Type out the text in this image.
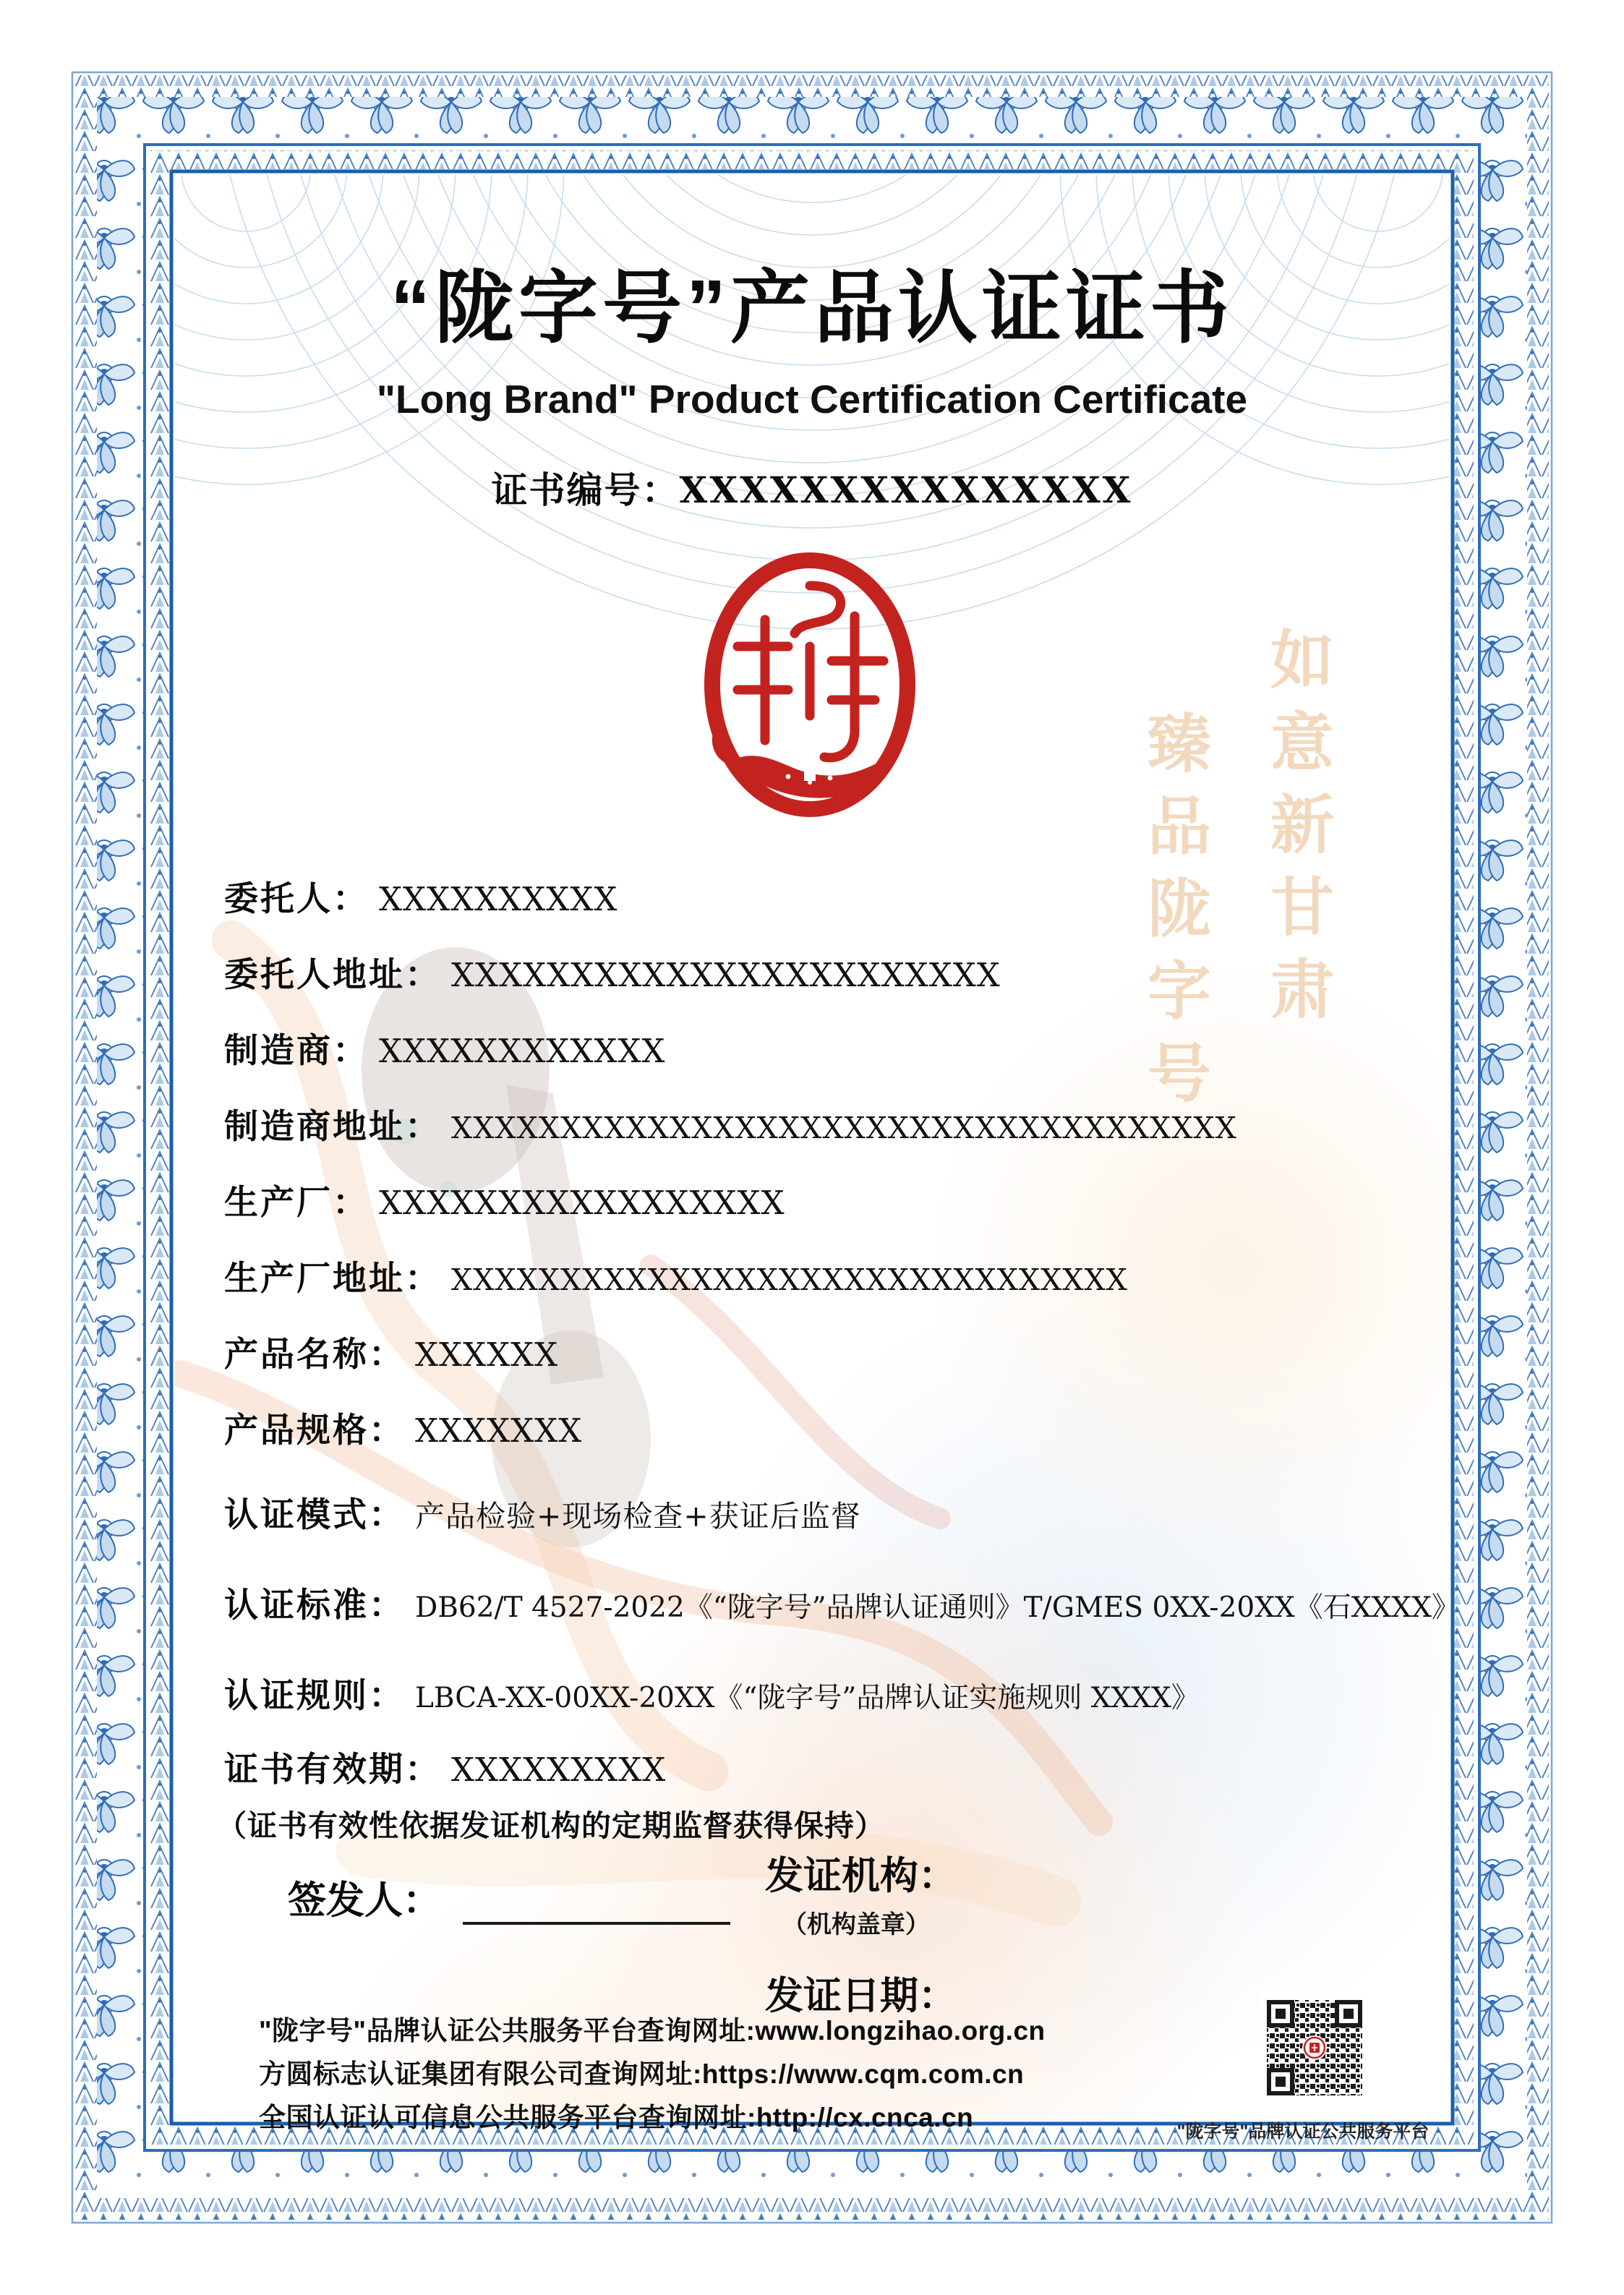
如意新甘肃
臻品陇字号
“陇字号”产品认证证书
"Long Brand" Product Certification Certificate
证书编号：XXXXXXXXXXXXXXX
委托人： XXXXXXXXXX
委托人地址： XXXXXXXXXXXXXXXXXXXXXXX
制造商： XXXXXXXXXXXX
制造商地址： XXXXXXXXXXXXXXXXXXXXXXXXXXXXXXXXXXXX
生产厂： XXXXXXXXXXXXXXXXX
生产厂地址： XXXXXXXXXXXXXXXXXXXXXXXXXXXXXXX
产品名称： XXXXXX
产品规格： XXXXXXX
认证模式： 产品检验+现场检查+获证后监督
认证标准： DB62/T 4527-2022《“陇字号”品牌认证通则》T/GMES 0XX-20XX《石XXXX》
认证规则： LBCA-XX-00XX-20XX《“陇字号”品牌认证实施规则 XXXX》
证书有效期： XXXXXXXXX
（证书有效性依据发证机构的定期监督获得保持）
签发人：
发证机构：
（机构盖章）
发证日期：
"陇字号"品牌认证公共服务平台查询网址:www.longzihao.org.cn
方圆标志认证集团有限公司查询网址:https://www.cqm.com.cn
全国认证认可信息公共服务平台查询网址:http://cx.cnca.cn	"陇字号"品牌认证公共服务平台
